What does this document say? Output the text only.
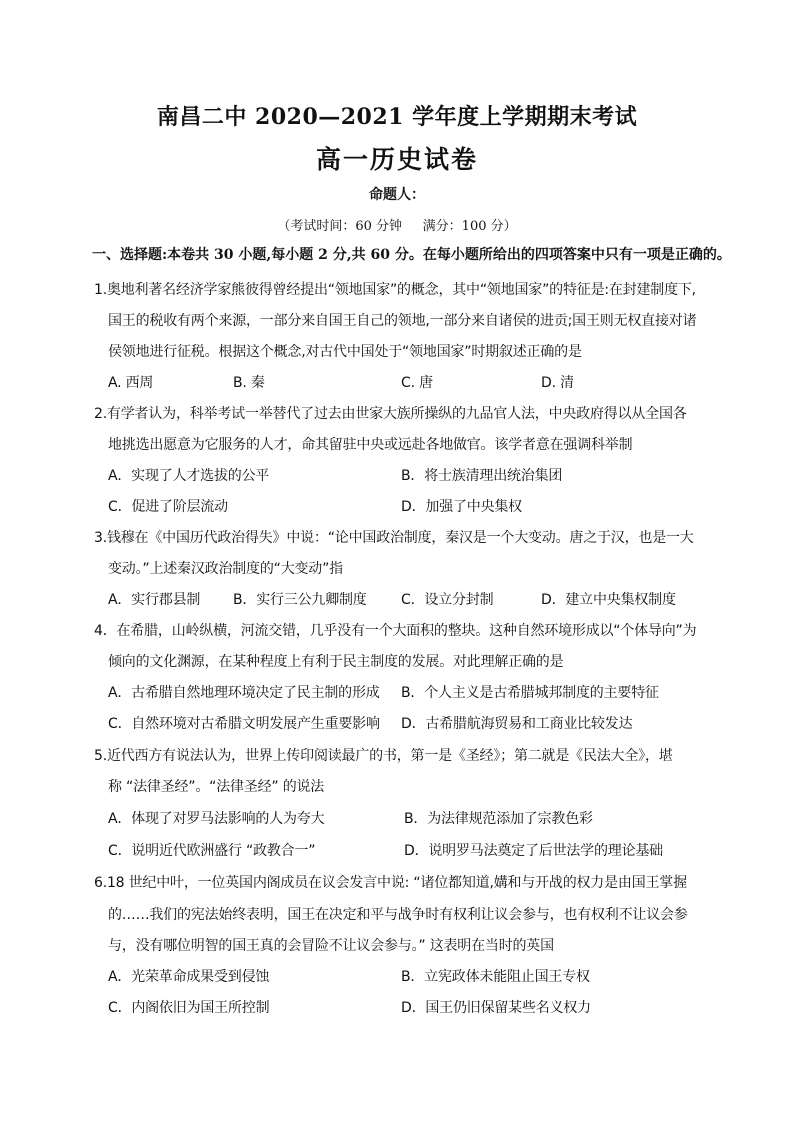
南昌二中 2020—2021 学年度上学期期末考试
高一历史试卷
命题人：
（考试时间：60 分钟     满分：100 分）
一、选择题:本卷共 30 小题,每小题 2 分,共 60 分。在每小题所给出的四项答案中只有一项是正确的。
1.奥地利著名经济学家熊彼得曾经提出“领地国家”的概念，其中“领地国家”的特征是:在封建制度下,
国王的税收有两个来源，一部分来自国王自己的领地,一部分来自诸侯的进贡;国王则无权直接对诸
侯领地进行征税。根据这个概念,对古代中国处于“领地国家”时期叙述正确的是
A. 西周	B. 秦	C. 唐	D. 清
2.有学者认为，科举考试一举替代了过去由世家大族所操纵的九品官人法，中央政府得以从全国各
地挑选出愿意为它服务的人才，命其留驻中央或远赴各地做官。该学者意在强调科举制
A．实现了人才选拔的公平	B．将士族清理出统治集团
C．促进了阶层流动	D．加强了中央集权
3.钱穆在《中国历代政治得失》中说：“论中国政治制度，秦汉是一个大变动。唐之于汉，也是一大
变动。”上述秦汉政治制度的“大变动”指
A．实行郡县制 B．实行三公九卿制度 C．设立分封制	D．建立中央集权制度
4．在希腊，山岭纵横，河流交错，几乎没有一个大面积的整块。这种自然环境形成以“个体导向”为
倾向的文化渊源，在某种程度上有利于民主制度的发展。对此理解正确的是
A．古希腊自然地理环境决定了民主制的形成 B．个人主义是古希腊城邦制度的主要特征
C．自然环境对古希腊文明发展产生重要影响 D．古希腊航海贸易和工商业比较发达
5.近代西方有说法认为，世界上传印阅读最广的书，第一是《圣经》；第二就是《民法大全》，堪
称 “法律圣经”。“法律圣经” 的说法
A．体现了对罗马法影响的人为夸大	B．为法律规范添加了宗教色彩
C．说明近代欧洲盛行 “政教合一”	D．说明罗马法奠定了后世法学的理论基础
6.18 世纪中叶，一位英国内阁成员在议会发言中说: “诸位都知道,媾和与开战的权力是由国王掌握
的……我们的宪法始终表明，国王在决定和平与战争时有权利让议会参与，也有权利不让议会参
与，没有哪位明智的国王真的会冒险不让议会参与。” 这表明在当时的英国
A．光荣革命成果受到侵蚀	B．立宪政体未能阻止国王专权
C．内阁依旧为国王所控制	D．国王仍旧保留某些名义权力
